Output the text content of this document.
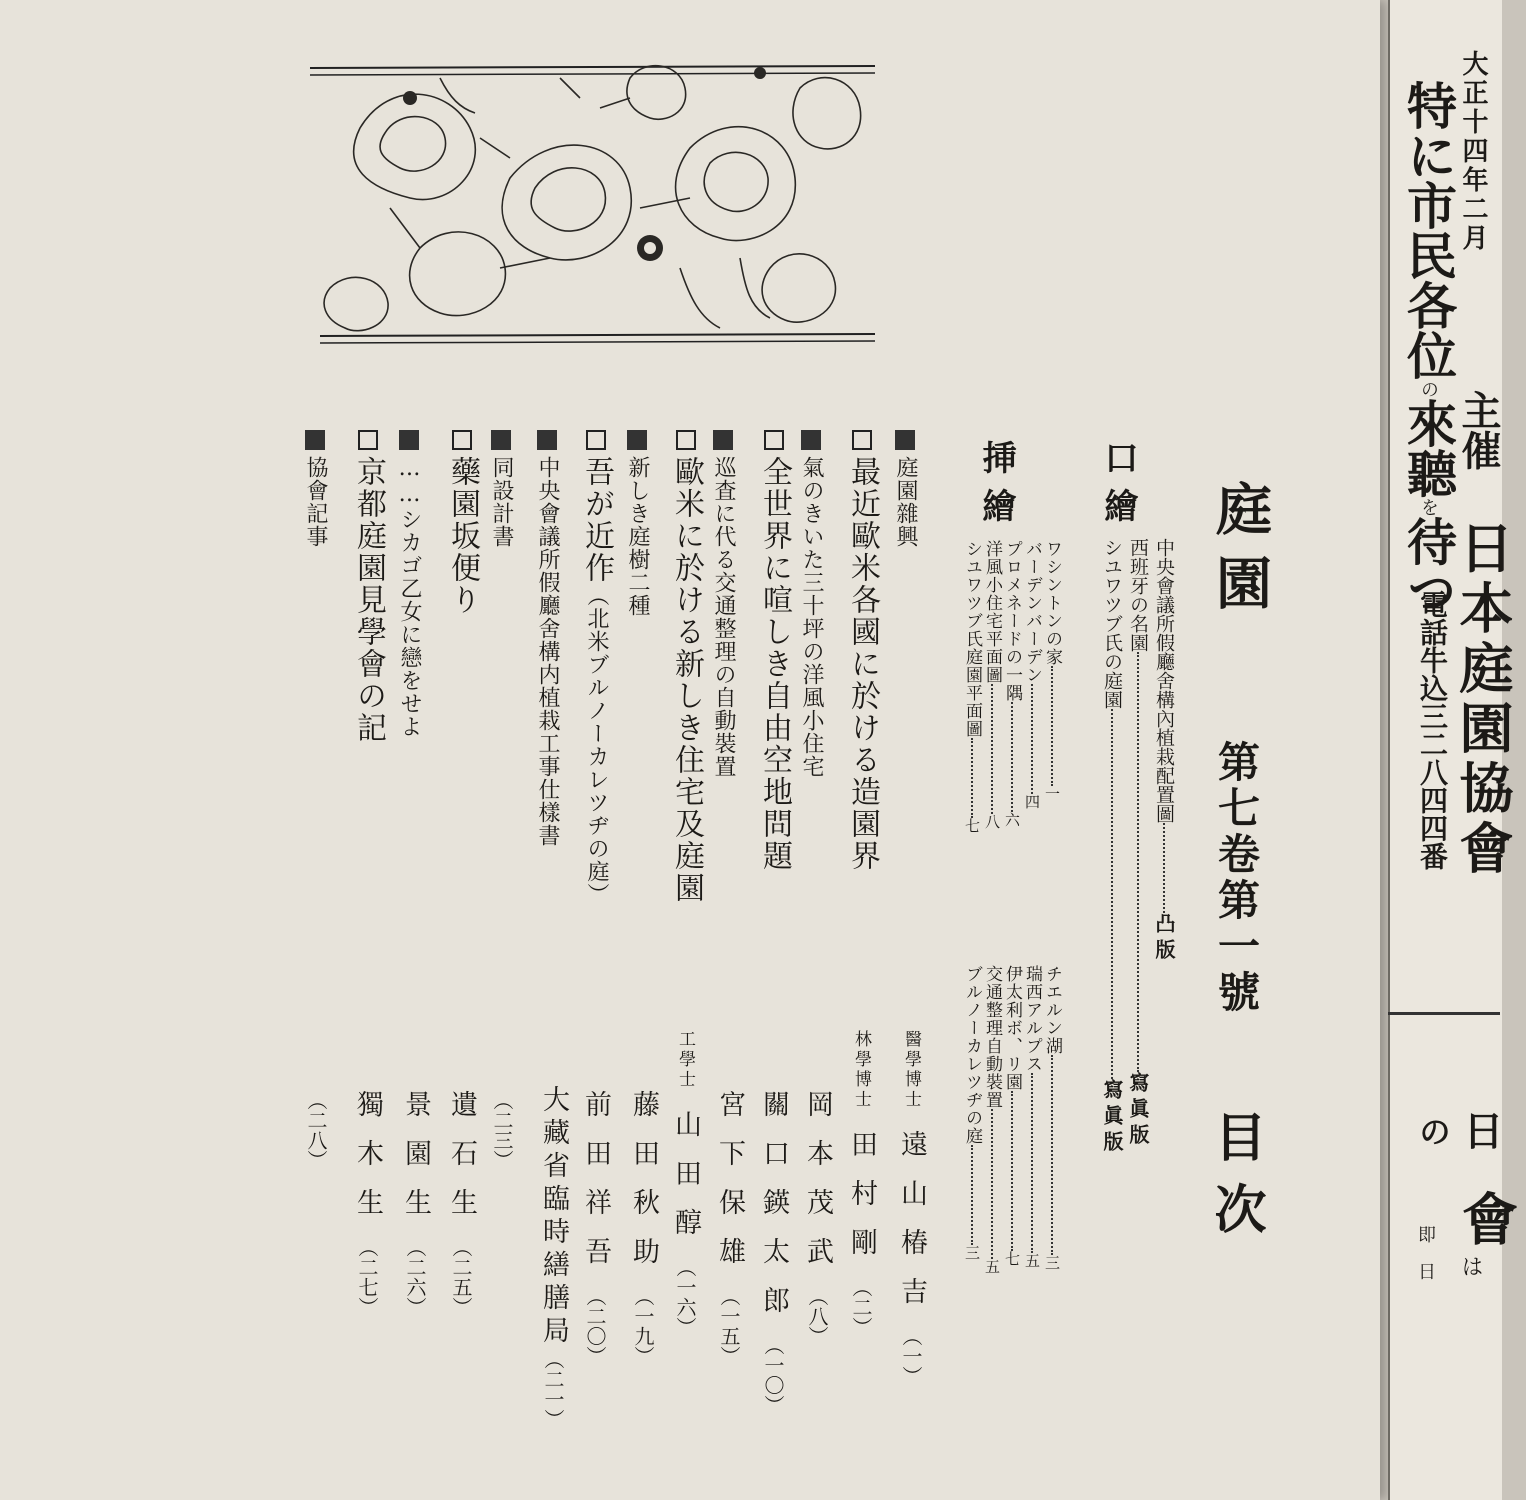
庭園
第七卷第一號
目次
口繪
中央會議所假廳舍構內植栽配置圖凸版
西班牙の名園寫眞版
シユワツブ氏の庭園寫眞版
挿繪
ワシントンの家一
バーデンバーデン四
プロメネードの一隅六
洋風小住宅平面圖八
シユワツブ氏庭園平面圖七
チエルン湖三
瑞西アルプス五
伊太利ボ、リ園七
交通整理自動裝置五
ブルノーカレツヂの庭三
庭園雜興
醫學博士遠山椿吉（一）
最近歐米各國に於ける造園界
林學博士田村剛（二）
氣のきいた三十坪の洋風小住宅
岡本茂武（八）
全世界に喧しき自由空地問題
關口鍈太郎（一〇）
巡査に代る交通整理の自動裝置
宮下保雄（一五）
歐米に於ける新しき住宅及庭園
工學士山田醇（一六）
新しき庭樹二種
藤田秋助（一九）
吾が近作（北米ブルノーカレツヂの庭）
前田祥吾（二〇）
中央會議所假廳舍構内植栽工事仕樣書
大藏省臨時繕膳局（二一）
同設計書
（二三）
藥園坂便り
遺石生（二五）
……シカゴ乙女に戀をせよ
景園生（二六）
京都庭園見學會の記
獨木生（二七）
協會記事
（二八）
大正十四年二月
主催
日本庭園協會
電話牛込三二八四四番
特に市民各位の來聽を待つ
日
の
會
は
即
日
